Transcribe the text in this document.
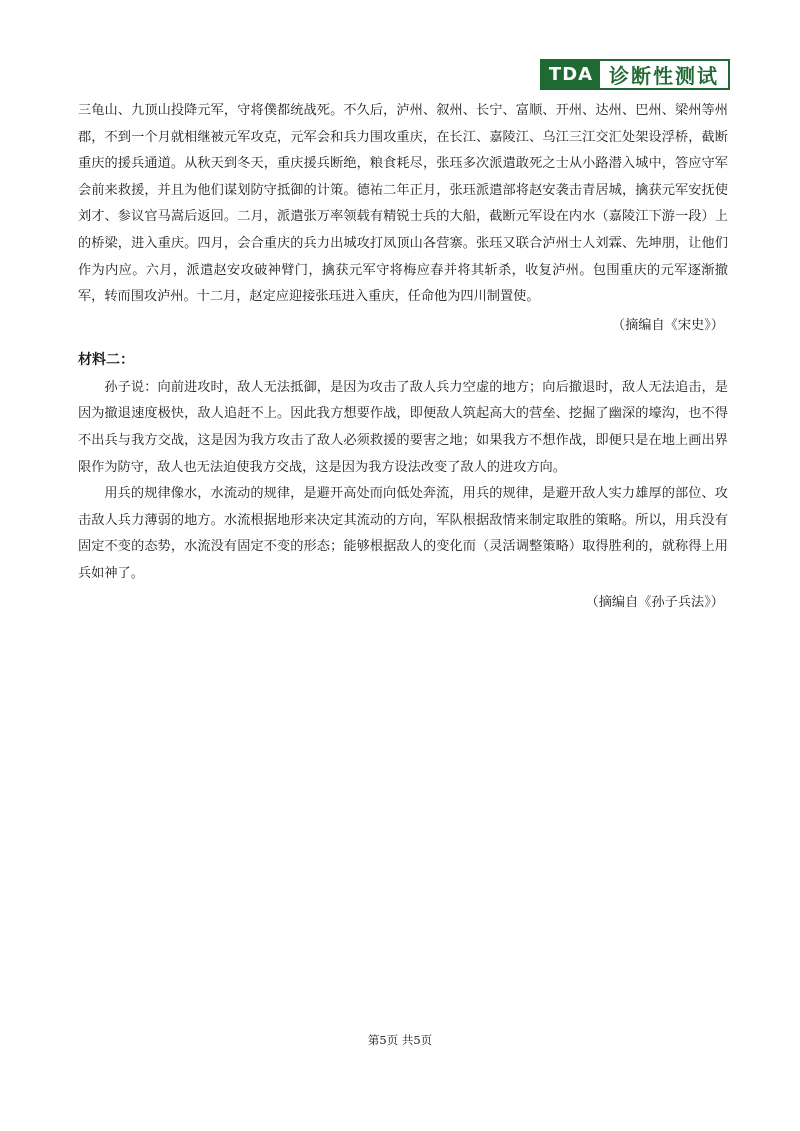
TDA 诊断性测试

三龟山、九顶山投降元军，守将僕都统战死。不久后，泸州、叙州、长宁、富顺、开州、达州、巴州、梁州等州郡，不到一个月就相继被元军攻克，元军会和兵力围攻重庆，在长江、嘉陵江、乌江三江交汇处架设浮桥，截断重庆的援兵通道。从秋天到冬天，重庆援兵断绝，粮食耗尽，张珏多次派遣敢死之士从小路潜入城中，答应守军会前来救援，并且为他们谋划防守抵御的计策。德祐二年正月，张珏派遣部将赵安袭击青居城，擒获元军安抚使刘才、参议官马嵩后返回。二月，派遣张万率领载有精锐士兵的大船，截断元军设在内水（嘉陵江下游一段）上的桥梁，进入重庆。四月，会合重庆的兵力出城攻打凤顶山各营寨。张珏又联合泸州士人刘霖、先坤朋，让他们作为内应。六月，派遣赵安攻破神臂门，擒获元军守将梅应春并将其斩杀，收复泸州。包围重庆的元军逐渐撤军，转而围攻泸州。十二月，赵定应迎接张珏进入重庆，任命他为四川制置使。

（摘编自《宋史》）

材料二：

孙子说：向前进攻时，敌人无法抵御，是因为攻击了敌人兵力空虚的地方；向后撤退时，敌人无法追击，是因为撤退速度极快，敌人追赶不上。因此我方想要作战，即便敌人筑起高大的营垒、挖掘了幽深的壕沟，也不得不出兵与我方交战，这是因为我方攻击了敌人必须救援的要害之地；如果我方不想作战，即便只是在地上画出界限作为防守，敌人也无法迫使我方交战，这是因为我方设法改变了敌人的进攻方向。

用兵的规律像水，水流动的规律，是避开高处而向低处奔流，用兵的规律，是避开敌人实力雄厚的部位、攻击敌人兵力薄弱的地方。水流根据地形来决定其流动的方向，军队根据敌情来制定取胜的策略。所以，用兵没有固定不变的态势，水流没有固定不变的形态；能够根据敌人的变化而（灵活调整策略）取得胜利的，就称得上用兵如神了。

（摘编自《孙子兵法》）

第5页 共5页
